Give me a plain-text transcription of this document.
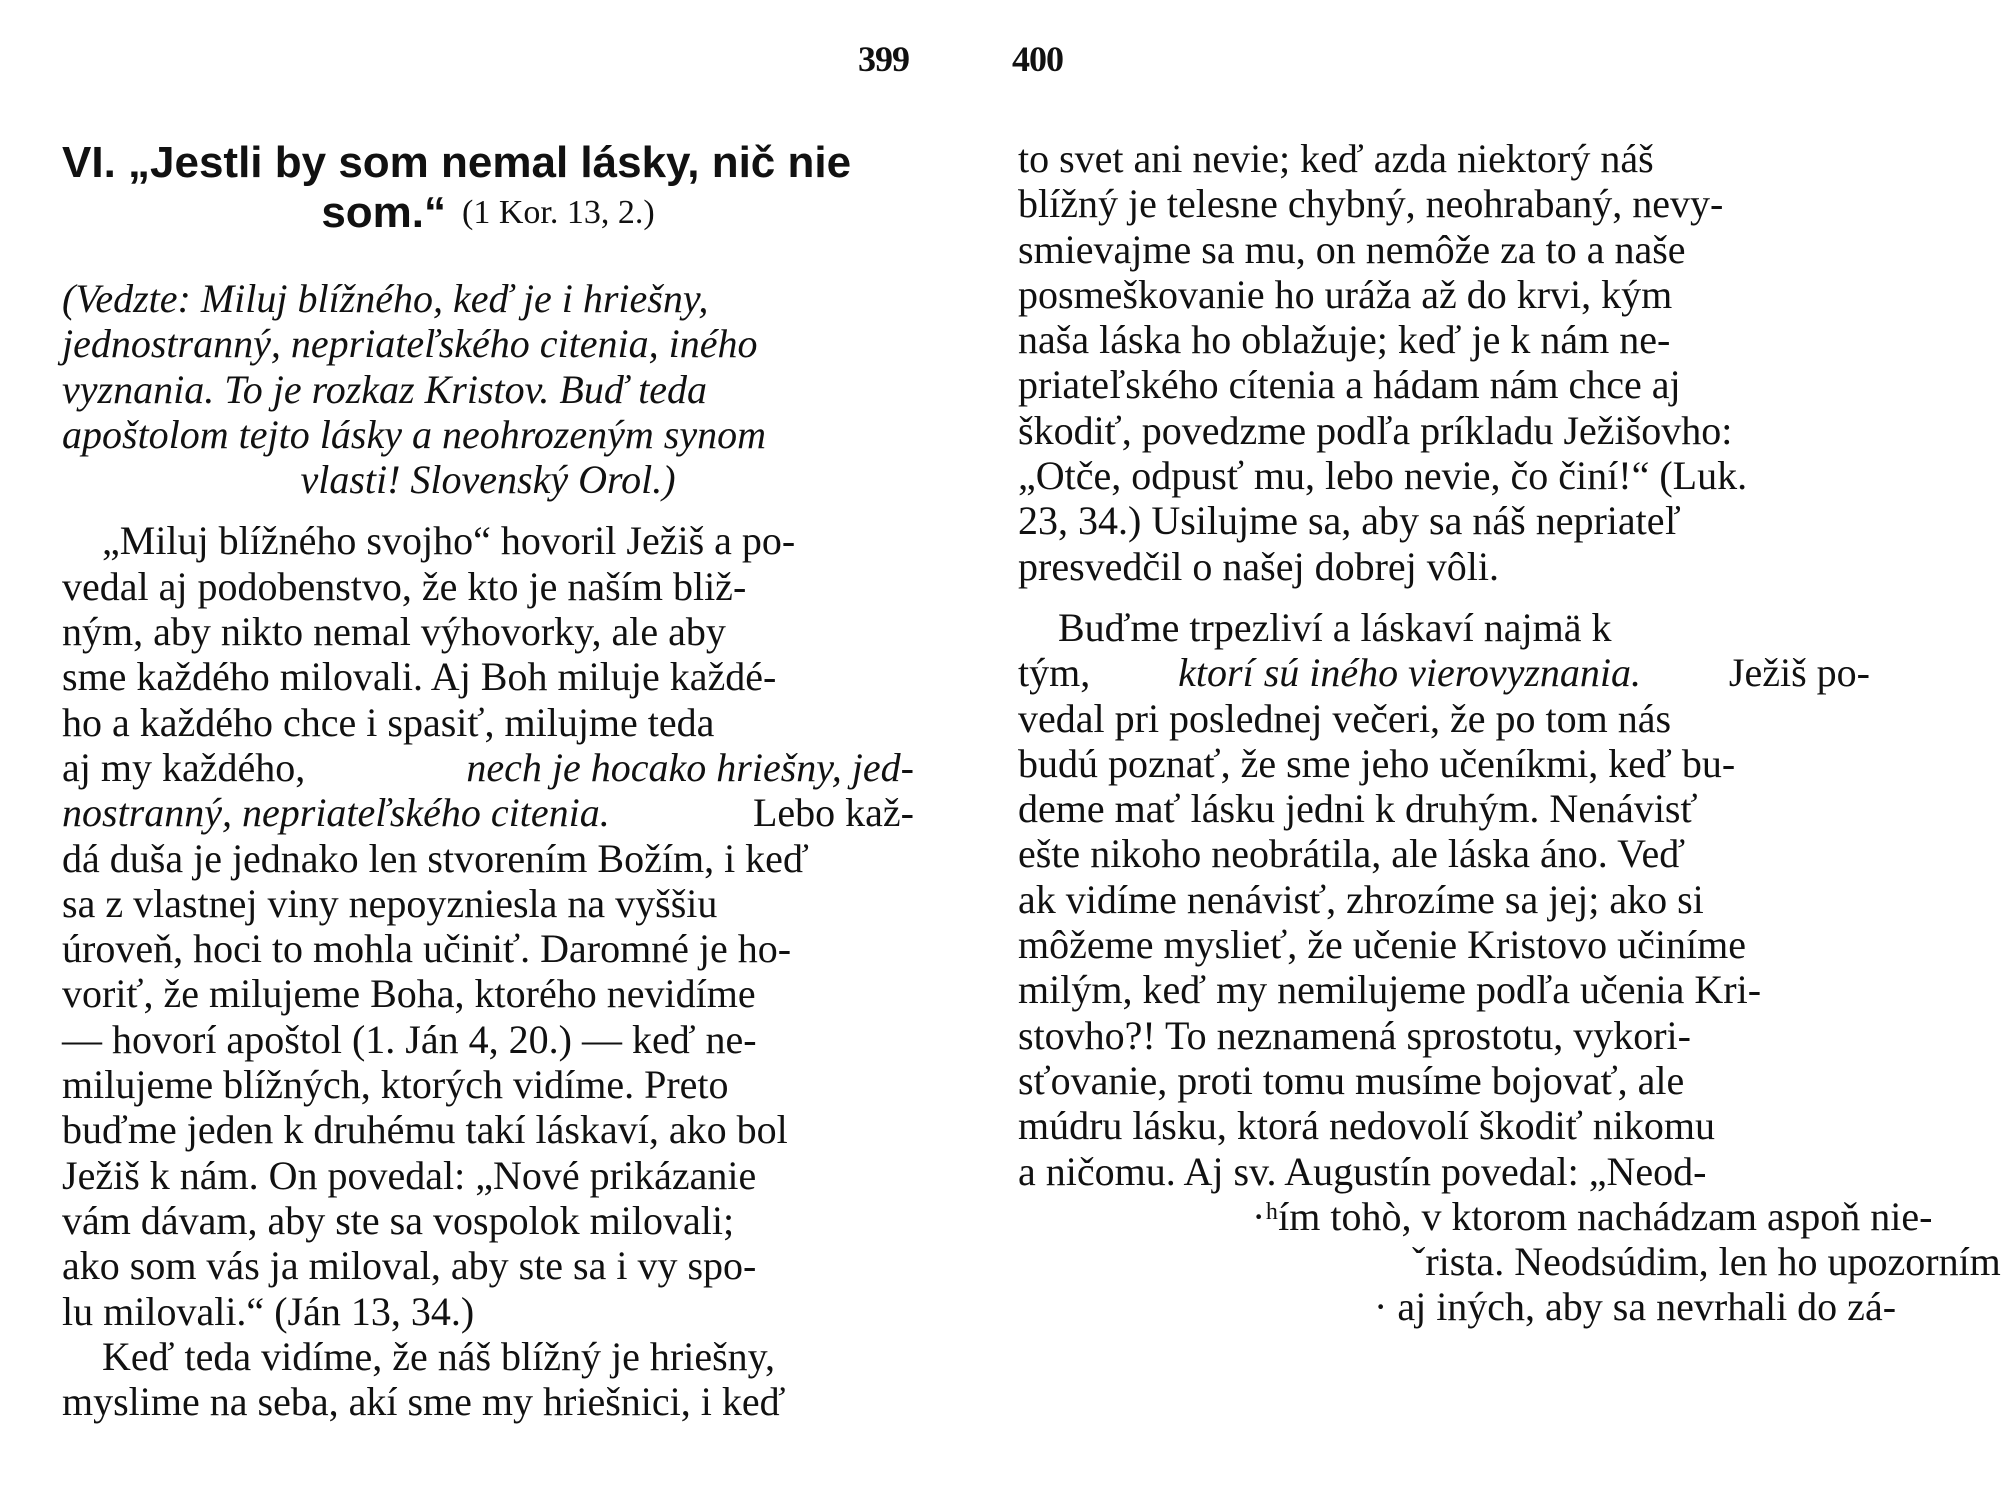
399	400
VI. „Jestli by som nemal lásky, nič nie
som.“ (1 Kor. 13, 2.)
(Vedzte: Miluj blížného, keď je i hriešny,
jednostranný, nepriateľského citenia, iného
vyznania. To je rozkaz Kristov. Buď teda
apoštolom tejto lásky a neohrozeným synom
vlasti! Slovenský Orol.)
„Miluj blížného svojho“ hovoril Ježiš a po-
vedal aj podobenstvo, že kto je naším bliž-
ným, aby nikto nemal výhovorky, ale aby
sme každého milovali. Aj Boh miluje každé-
ho a každého chce i spasiť, milujme teda
aj my každého,
	nech je hocako hriešny, jed-
nostranný, nepriateľského citenia.
	Lebo kaž-
dá duša je jednako len stvorením Božím, i keď
sa z vlastnej viny nepoyzniesla na vyššiu
úroveň, hoci to mohla učiniť. Daromné je ho-
voriť, že milujeme Boha, ktorého nevidíme
— hovorí apoštol (1. Ján 4, 20.) — keď ne-
milujeme blížných, ktorých vidíme. Preto
buďme jeden k druhému takí láskaví, ako bol
Ježiš k nám. On povedal: „Nové prikázanie
vám dávam, aby ste sa vospolok milovali;
ako som vás ja miloval, aby ste sa i vy spo-
lu milovali.“ (Ján 13, 34.)
Keď teda vidíme, že náš blížný je hriešny,
myslime na seba, akí sme my hriešnici, i keď
to svet ani nevie; keď azda niektorý náš
blížný je telesne chybný, neohrabaný, nevy-
smievajme sa mu, on nemôže za to a naše
posmeškovanie ho uráža až do krvi, kým
naša láska ho oblažuje; keď je k nám ne-
priateľského cítenia a hádam nám chce aj
škodiť, povedzme podľa príkladu Ježišovho:
„Otče, odpusť mu, lebo nevie, čo činí!“ (Luk.
23, 34.) Usilujme sa, aby sa náš nepriateľ
presvedčil o našej dobrej vôli.
Buďme trpezliví a láskaví najmä k
tým,
ktorí sú iného vierovyznania.
Ježiš po-
vedal pri poslednej večeri, že po tom nás
budú poznať, že sme jeho učeníkmi, keď bu-
deme mať lásku jedni k druhým. Nenávisť
ešte nikoho neobrátila, ale láska áno. Veď
ak vidíme nenávisť, zhrozíme sa jej; ako si
môžeme myslieť, že učenie Kristovo učiníme
milým, keď my nemilujeme podľa učenia Kri-
stovho?! To neznamená sprostotu, vykori-
sťovanie, proti tomu musíme bojovať, ale
múdru lásku, ktorá nedovolí škodiť nikomu
a ničomu. Aj sv. Augustín povedal: „Neod-
·ʰím tohò, v ktorom nachádzam aspoň nie-
ˇrista. Neodsúdim, len ho upozorním
· aj iných, aby sa nevrhali do zá-
